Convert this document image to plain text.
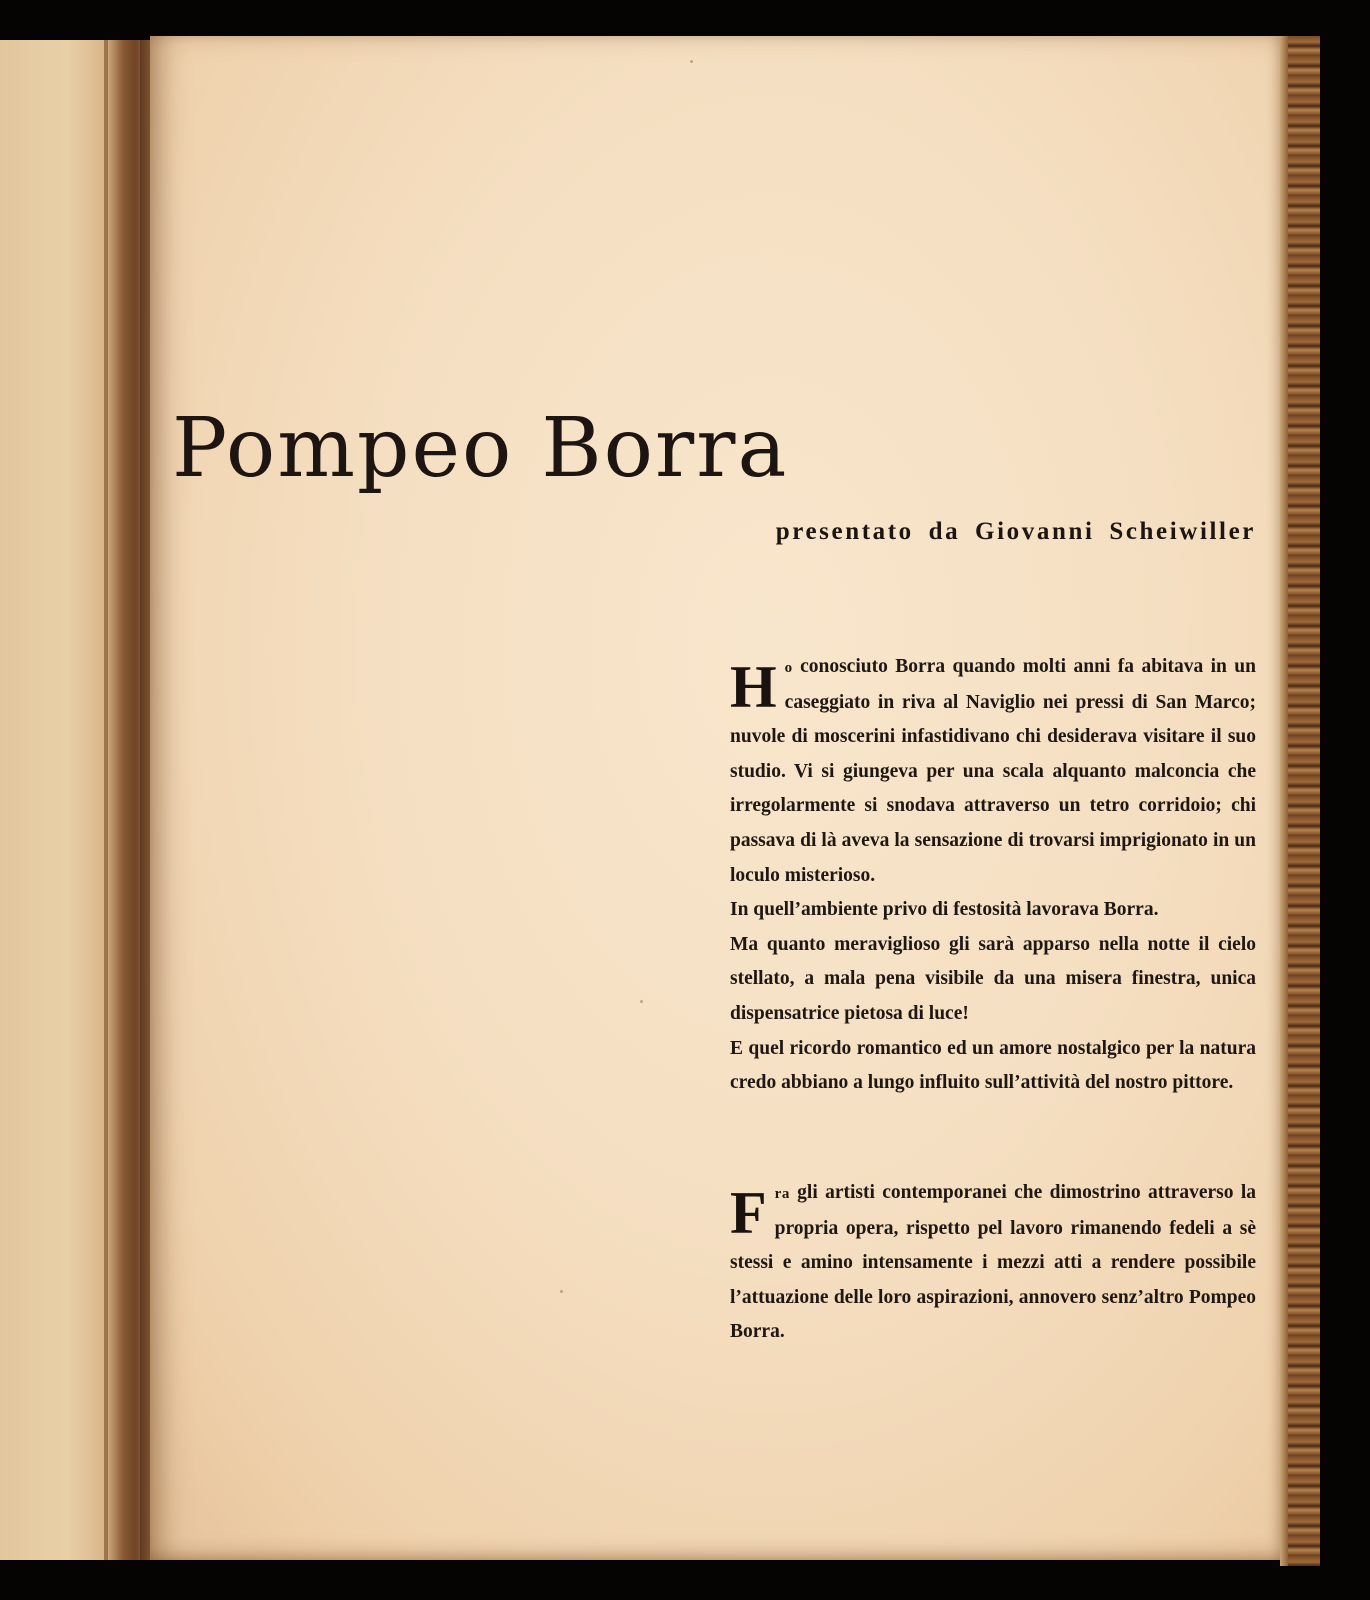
Pompeo Borra
presentato da Giovanni Scheiwiller

Ho conosciuto Borra quando molti anni fa abitava in un caseggiato in riva al Naviglio nei pressi di San Marco; nuvole di moscerini infastidivano chi desiderava visitare il suo studio. Vi si giungeva per una scala alquanto malconcia che irregolarmente si snodava attraverso un tetro corridoio; chi passava di là aveva la sensazione di trovarsi imprigionato in un loculo misterioso.

In quell’ambiente privo di festosità lavorava Borra.

Ma quanto meraviglioso gli sarà apparso nella notte il cielo stellato, a mala pena visibile da una misera finestra, unica dispensatrice pietosa di luce!

E quel ricordo romantico ed un amore nostalgico per la natura credo abbiano a lungo influito sull’attività del nostro pittore.

Fra gli artisti contemporanei che dimostrino attraverso la propria opera, rispetto pel lavoro rimanendo fedeli a sè stessi e amino intensamente i mezzi atti a rendere possibile l’attuazione delle loro aspirazioni, annovero senz’altro Pompeo Borra.
